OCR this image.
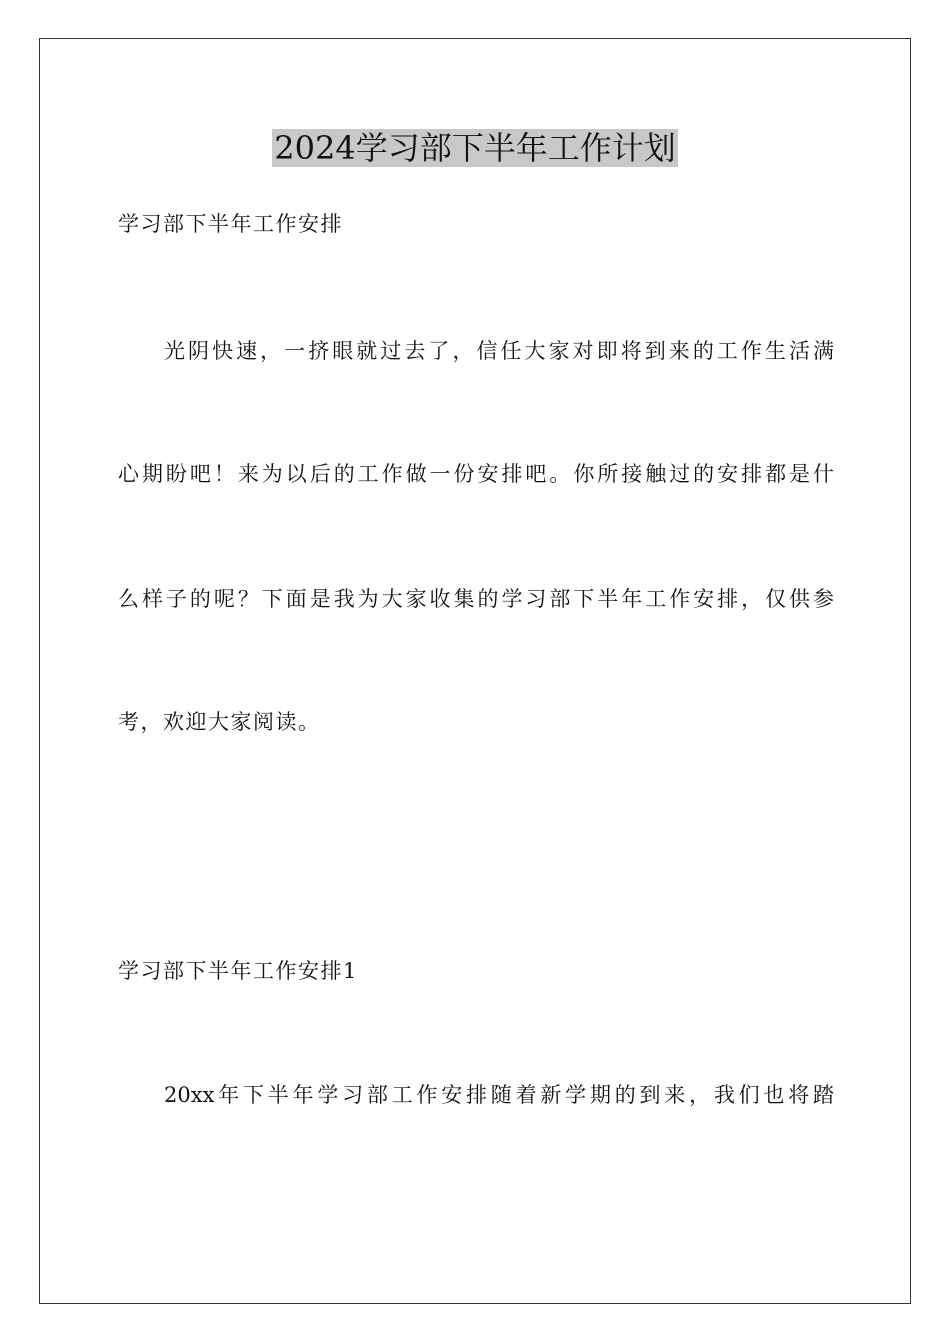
2024学习部下半年工作计划
学习部下半年工作安排
光阴快速，一挤眼就过去了，信任大家对即将到来的工作生活满
心期盼吧！来为以后的工作做一份安排吧。你所接触过的安排都是什
么样子的呢？下面是我为大家收集的学习部下半年工作安排，仅供参
考，欢迎大家阅读。
学习部下半年工作安排1
20xx年下半年学习部工作安排随着新学期的到来，我们也将踏
